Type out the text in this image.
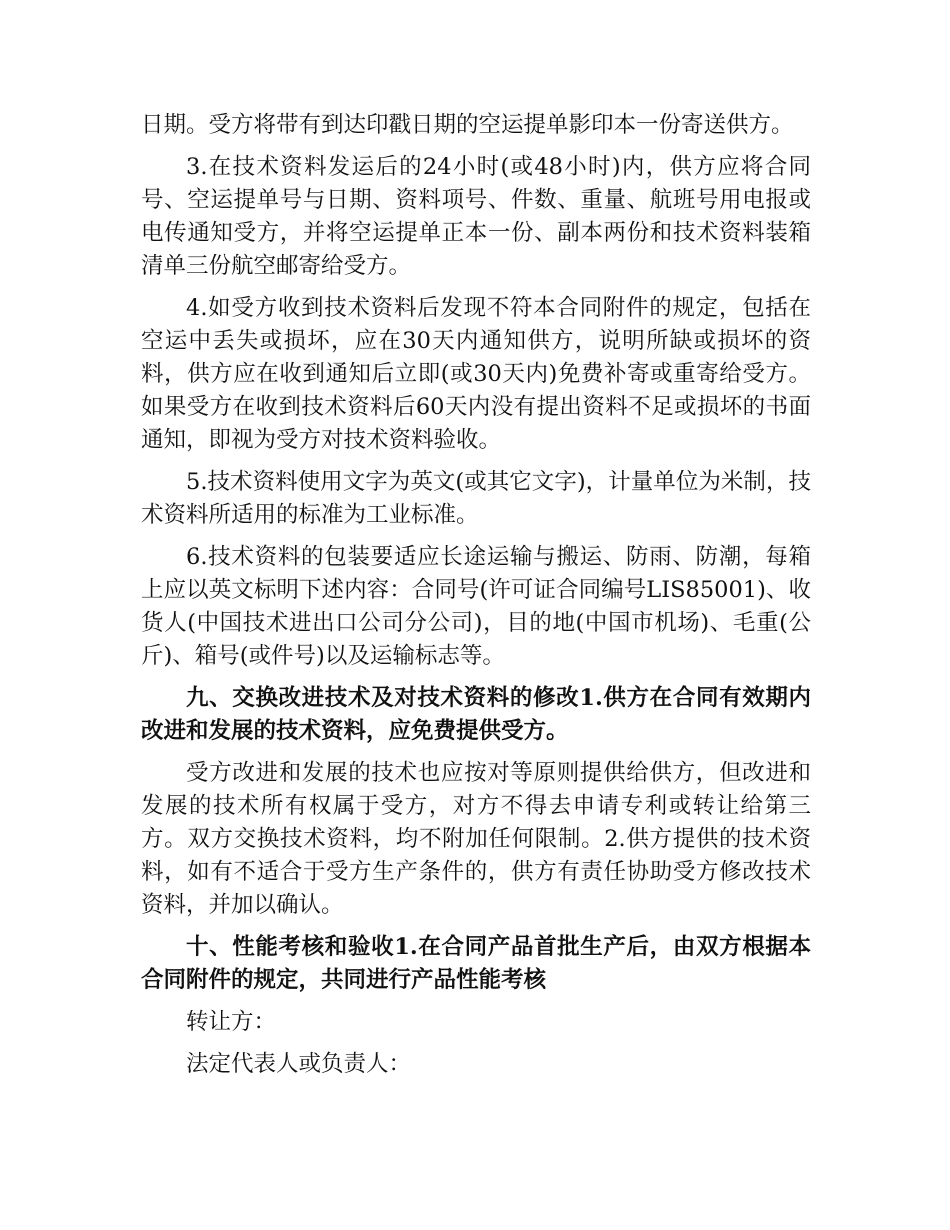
日期。受方将带有到达印戳日期的空运提单影印本一份寄送供方。

3.在技术资料发运后的24小时(或48小时)内，供方应将合同号、空运提单号与日期、资料项号、件数、重量、航班号用电报或电传通知受方，并将空运提单正本一份、副本两份和技术资料装箱清单三份航空邮寄给受方。

4.如受方收到技术资料后发现不符本合同附件的规定，包括在空运中丢失或损坏，应在30天内通知供方，说明所缺或损坏的资料，供方应在收到通知后立即(或30天内)免费补寄或重寄给受方。如果受方在收到技术资料后60天内没有提出资料不足或损坏的书面通知，即视为受方对技术资料验收。

5.技术资料使用文字为英文(或其它文字)，计量单位为米制，技术资料所适用的标准为工业标准。

6.技术资料的包装要适应长途运输与搬运、防雨、防潮，每箱上应以英文标明下述内容：合同号(许可证合同编号LIS85001)、收货人(中国技术进出口公司分公司)，目的地(中国市机场)、毛重(公斤)、箱号(或件号)以及运输标志等。

九、交换改进技术及对技术资料的修改1.供方在合同有效期内改进和发展的技术资料，应免费提供受方。

受方改进和发展的技术也应按对等原则提供给供方，但改进和发展的技术所有权属于受方，对方不得去申请专利或转让给第三方。双方交换技术资料，均不附加任何限制。2.供方提供的技术资料，如有不适合于受方生产条件的，供方有责任协助受方修改技术资料，并加以确认。

十、性能考核和验收1.在合同产品首批生产后，由双方根据本合同附件的规定，共同进行产品性能考核

转让方：

法定代表人或负责人：
